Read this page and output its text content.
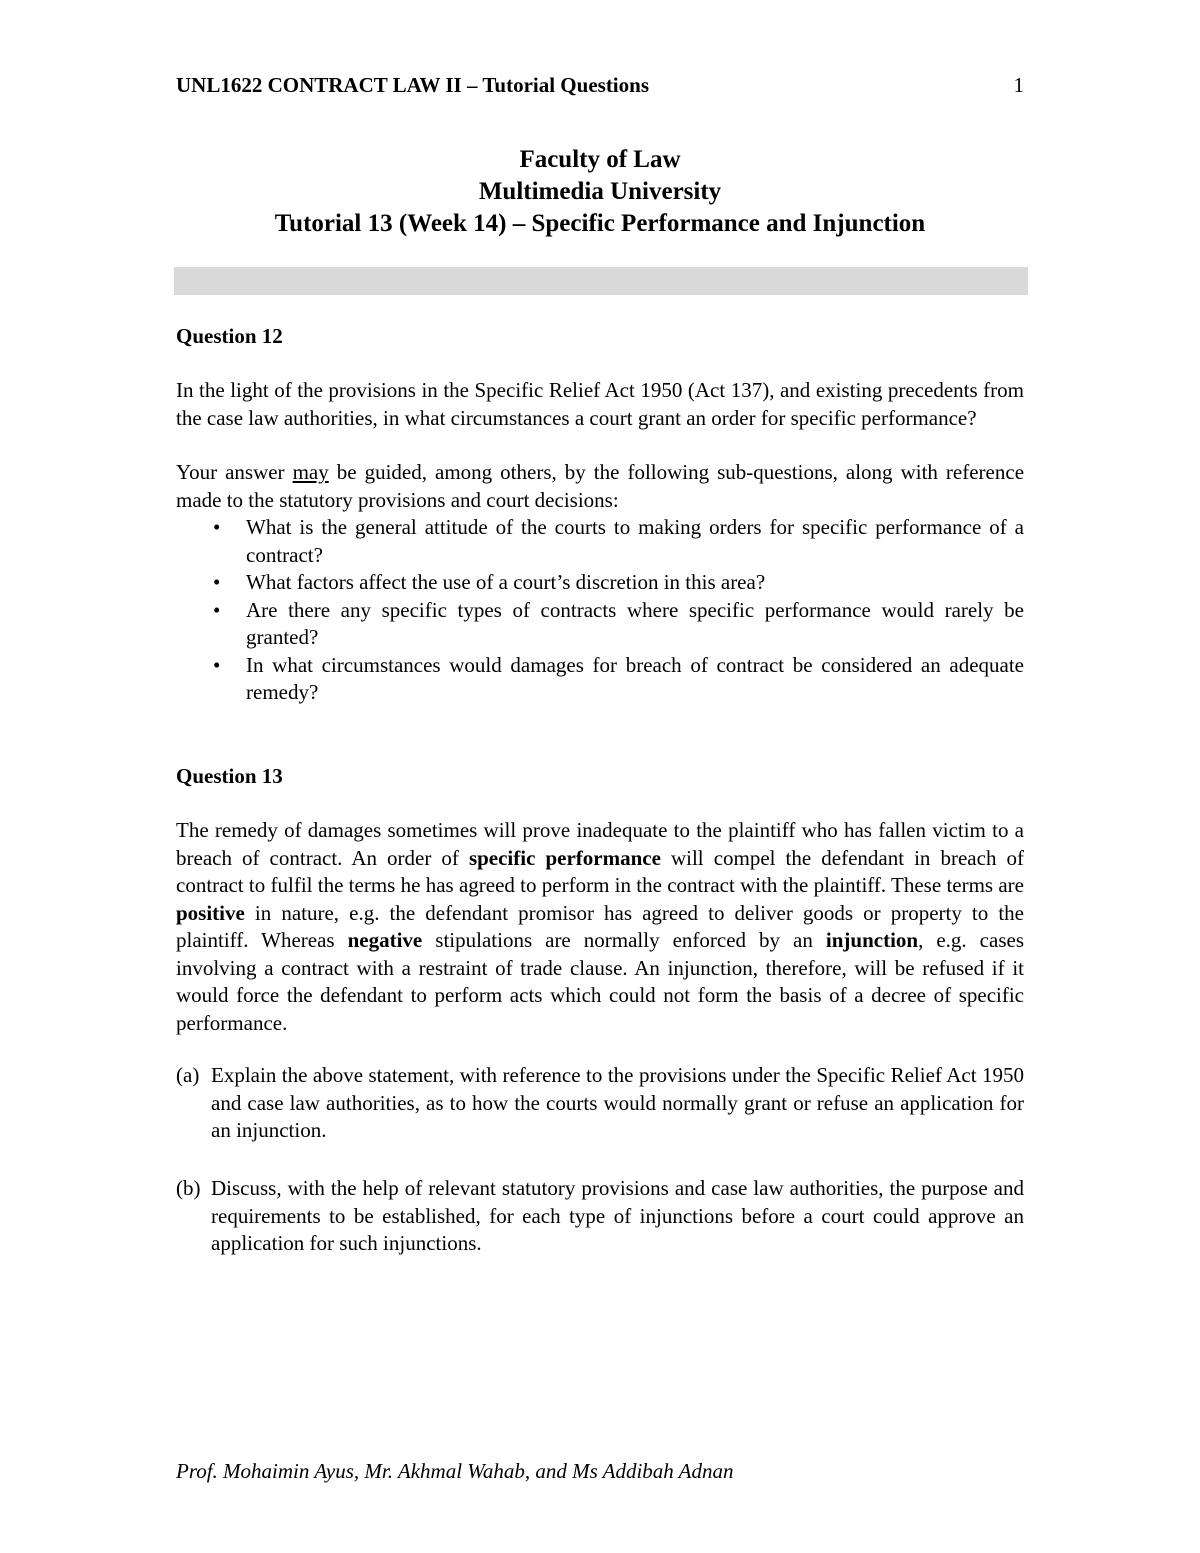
UNL1622 CONTRACT LAW II – Tutorial Questions	1
Faculty of Law
Multimedia University
Tutorial 13 (Week 14) – Specific Performance and Injunction
Question 12
In the light of the provisions in the Specific Relief Act 1950 (Act 137), and existing precedents from the case law authorities, in what circumstances a court grant an order for specific performance?
Your answer may be guided, among others, by the following sub-questions, along with reference made to the statutory provisions and court decisions:
• What is the general attitude of the courts to making orders for specific performance of a contract?
• What factors affect the use of a court’s discretion in this area?
• Are there any specific types of contracts where specific performance would rarely be granted?
• In what circumstances would damages for breach of contract be considered an adequate remedy?
Question 13
The remedy of damages sometimes will prove inadequate to the plaintiff who has fallen victim to a breach of contract. An order of specific performance will compel the defendant in breach of contract to fulfil the terms he has agreed to perform in the contract with the plaintiff. These terms are positive in nature, e.g. the defendant promisor has agreed to deliver goods or property to the plaintiff. Whereas negative stipulations are normally enforced by an injunction, e.g. cases involving a contract with a restraint of trade clause. An injunction, therefore, will be refused if it would force the defendant to perform acts which could not form the basis of a decree of specific performance.
(a) Explain the above statement, with reference to the provisions under the Specific Relief Act 1950 and case law authorities, as to how the courts would normally grant or refuse an application for an injunction.
(b) Discuss, with the help of relevant statutory provisions and case law authorities, the purpose and requirements to be established, for each type of injunctions before a court could approve an application for such injunctions.
Prof. Mohaimin Ayus, Mr. Akhmal Wahab, and Ms Addibah Adnan
